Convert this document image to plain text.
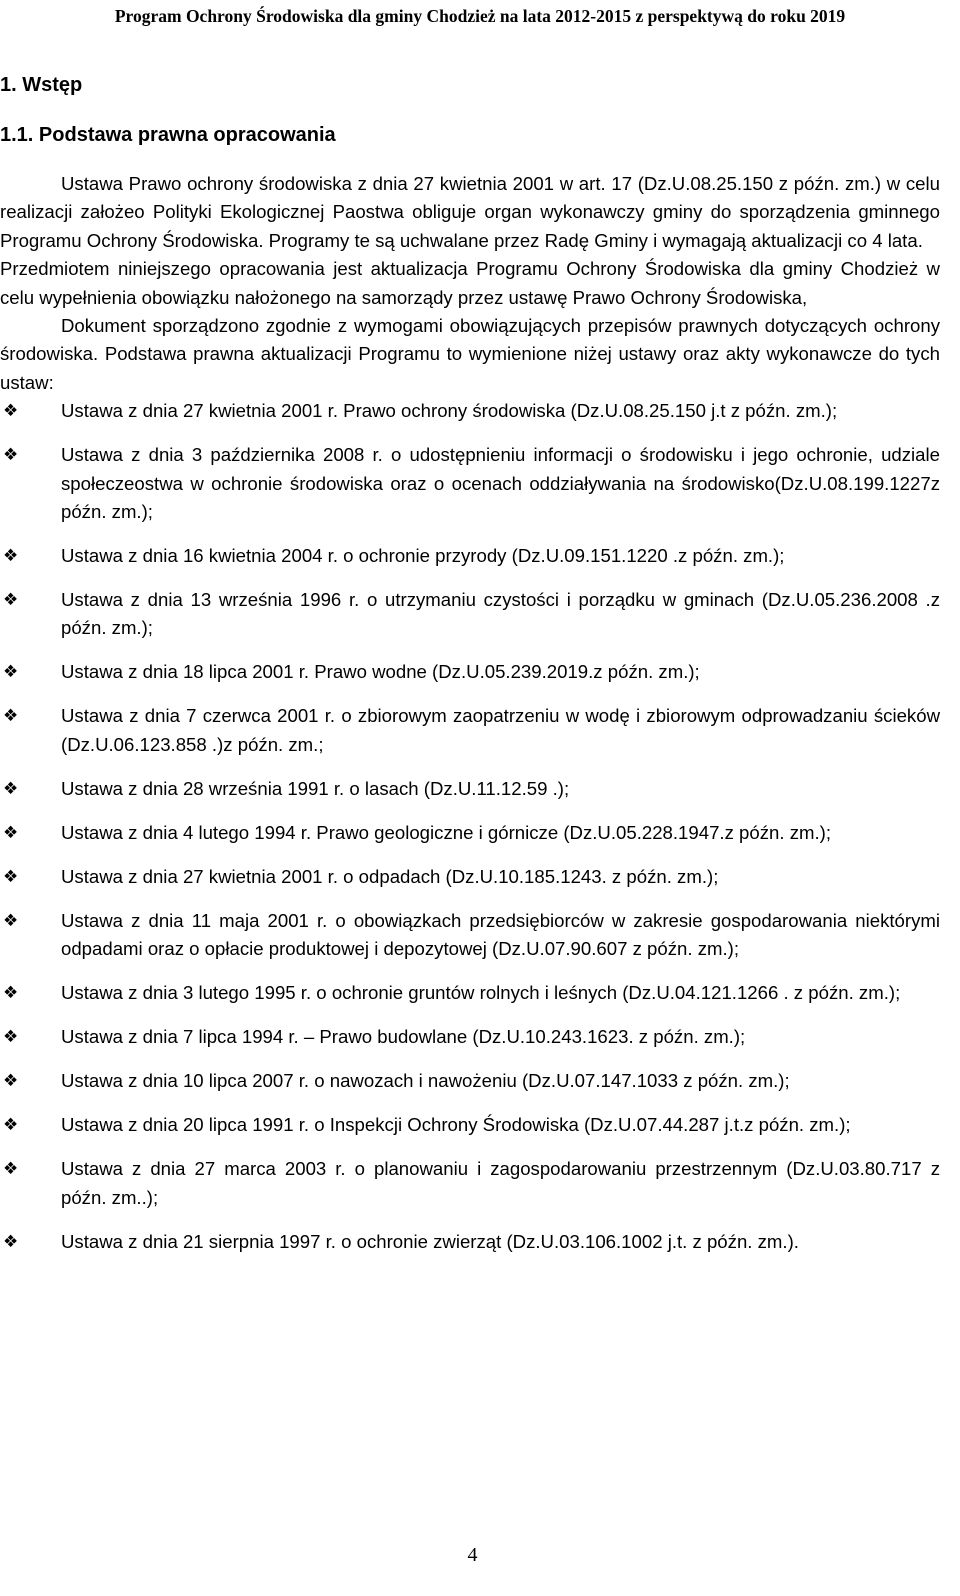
Program Ochrony Środowiska dla gminy Chodzież na lata 2012-2015 z perspektywą do roku 2019
1. Wstęp
1.1. Podstawa prawna opracowania

Ustawa Prawo ochrony środowiska z dnia 27 kwietnia 2001 w art. 17 (Dz.U.08.25.150 z późn. zm.) w celu realizacji założeo Polityki Ekologicznej Paostwa obliguje organ wykonawczy gminy do sporządzenia gminnego Programu Ochrony Środowiska. Programy te są uchwalane przez Radę Gminy i wymagają aktualizacji co 4 lata.

Przedmiotem niniejszego opracowania jest aktualizacja Programu Ochrony Środowiska dla gminy Chodzież w celu wypełnienia obowiązku nałożonego na samorządy przez ustawę Prawo Ochrony Środowiska,

Dokument sporządzono zgodnie z wymogami obowiązujących przepisów prawnych dotyczących ochrony środowiska. Podstawa prawna aktualizacji Programu to wymienione niżej ustawy oraz akty wykonawcze do tych ustaw:

❖ Ustawa z dnia 27 kwietnia 2001 r. Prawo ochrony środowiska (Dz.U.08.25.150 j.t z późn. zm.);
❖ Ustawa z dnia 3 października 2008 r. o udostępnieniu informacji o środowisku i jego ochronie, udziale społeczeostwa w ochronie środowiska oraz o ocenach oddziaływania na środowisko(Dz.U.08.199.1227z późn. zm.);
❖ Ustawa z dnia 16 kwietnia 2004 r. o ochronie przyrody (Dz.U.09.151.1220 .z późn. zm.);
❖ Ustawa z dnia 13 września 1996 r. o utrzymaniu czystości i porządku w gminach (Dz.U.05.236.2008 .z późn. zm.);
❖ Ustawa z dnia 18 lipca 2001 r. Prawo wodne (Dz.U.05.239.2019.z późn. zm.);
❖ Ustawa z dnia 7 czerwca 2001 r. o zbiorowym zaopatrzeniu w wodę i zbiorowym odprowadzaniu ścieków (Dz.U.06.123.858 .)z późn. zm.;
❖ Ustawa z dnia 28 września 1991 r. o lasach (Dz.U.11.12.59 .);
❖ Ustawa z dnia 4 lutego 1994 r. Prawo geologiczne i górnicze (Dz.U.05.228.1947.z późn. zm.);
❖ Ustawa z dnia 27 kwietnia 2001 r. o odpadach (Dz.U.10.185.1243. z późn. zm.);
❖ Ustawa z dnia 11 maja 2001 r. o obowiązkach przedsiębiorców w zakresie gospodarowania niektórymi odpadami oraz o opłacie produktowej i depozytowej (Dz.U.07.90.607 z późn. zm.);
❖ Ustawa z dnia 3 lutego 1995 r. o ochronie gruntów rolnych i leśnych (Dz.U.04.121.1266 . z późn. zm.);
❖ Ustawa z dnia 7 lipca 1994 r. – Prawo budowlane (Dz.U.10.243.1623. z późn. zm.);
❖ Ustawa z dnia 10 lipca 2007 r. o nawozach i nawożeniu (Dz.U.07.147.1033 z późn. zm.);
❖ Ustawa z dnia 20 lipca 1991 r. o Inspekcji Ochrony Środowiska (Dz.U.07.44.287 j.t.z późn. zm.);
❖ Ustawa z dnia 27 marca 2003 r. o planowaniu i zagospodarowaniu przestrzennym (Dz.U.03.80.717 z późn. zm..);
❖ Ustawa z dnia 21 sierpnia 1997 r. o ochronie zwierząt (Dz.U.03.106.1002 j.t. z późn. zm.).
4
